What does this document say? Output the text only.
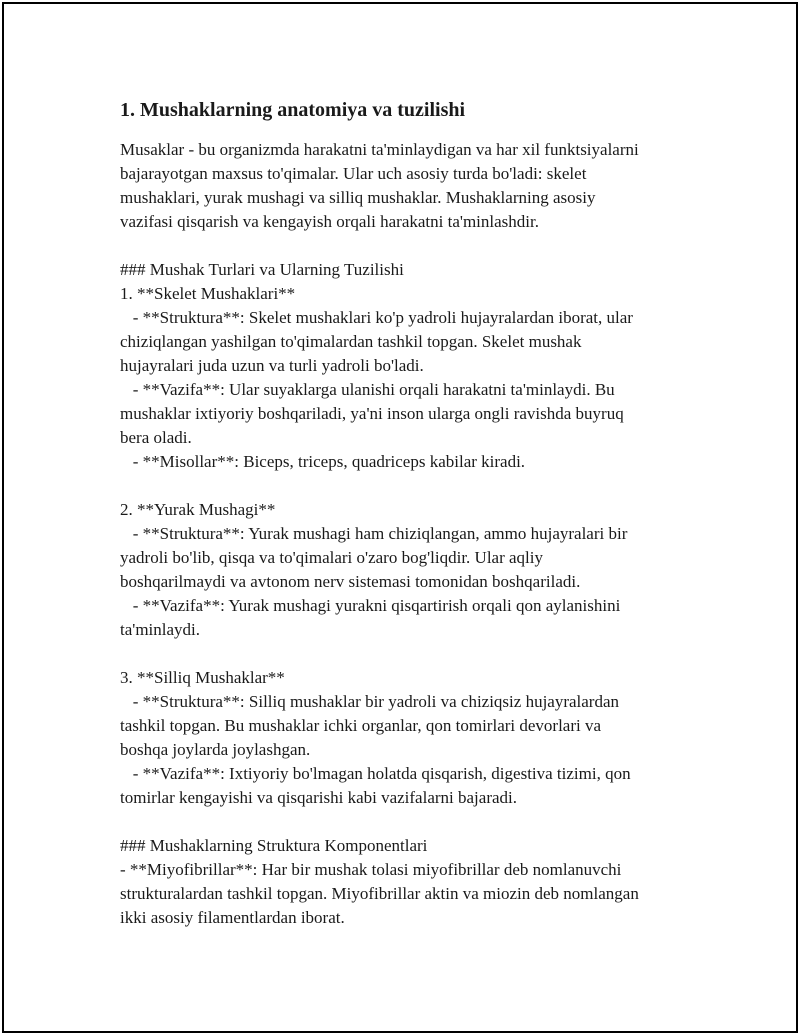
1. Mushaklarning anatomiya va tuzilishi
Musaklar - bu organizmda harakatni ta'minlaydigan va har xil funktsiyalarni
bajarayotgan maxsus to'qimalar. Ular uch asosiy turda bo'ladi: skelet
mushaklari, yurak mushagi va silliq mushaklar. Mushaklarning asosiy
vazifasi qisqarish va kengayish orqali harakatni ta'minlashdir.
### Mushak Turlari va Ularning Tuzilishi
1. **Skelet Mushaklari**
- **Struktura**: Skelet mushaklari ko'p yadroli hujayralardan iborat, ular
chiziqlangan yashilgan to'qimalardan tashkil topgan. Skelet mushak
hujayralari juda uzun va turli yadroli bo'ladi.
- **Vazifa**: Ular suyaklarga ulanishi orqali harakatni ta'minlaydi. Bu
mushaklar ixtiyoriy boshqariladi, ya'ni inson ularga ongli ravishda buyruq
bera oladi.
- **Misollar**: Biceps, triceps, quadriceps kabilar kiradi.
2. **Yurak Mushagi**
- **Struktura**: Yurak mushagi ham chiziqlangan, ammo hujayralari bir
yadroli bo'lib, qisqa va to'qimalari o'zaro bog'liqdir. Ular aqliy
boshqarilmaydi va avtonom nerv sistemasi tomonidan boshqariladi.
- **Vazifa**: Yurak mushagi yurakni qisqartirish orqali qon aylanishini
ta'minlaydi.
3. **Silliq Mushaklar**
- **Struktura**: Silliq mushaklar bir yadroli va chiziqsiz hujayralardan
tashkil topgan. Bu mushaklar ichki organlar, qon tomirlari devorlari va
boshqa joylarda joylashgan.
- **Vazifa**: Ixtiyoriy bo'lmagan holatda qisqarish, digestiva tizimi, qon
tomirlar kengayishi va qisqarishi kabi vazifalarni bajaradi.
### Mushaklarning Struktura Komponentlari
- **Miyofibrillar**: Har bir mushak tolasi miyofibrillar deb nomlanuvchi
strukturalardan tashkil topgan. Miyofibrillar aktin va miozin deb nomlangan
ikki asosiy filamentlardan iborat.
